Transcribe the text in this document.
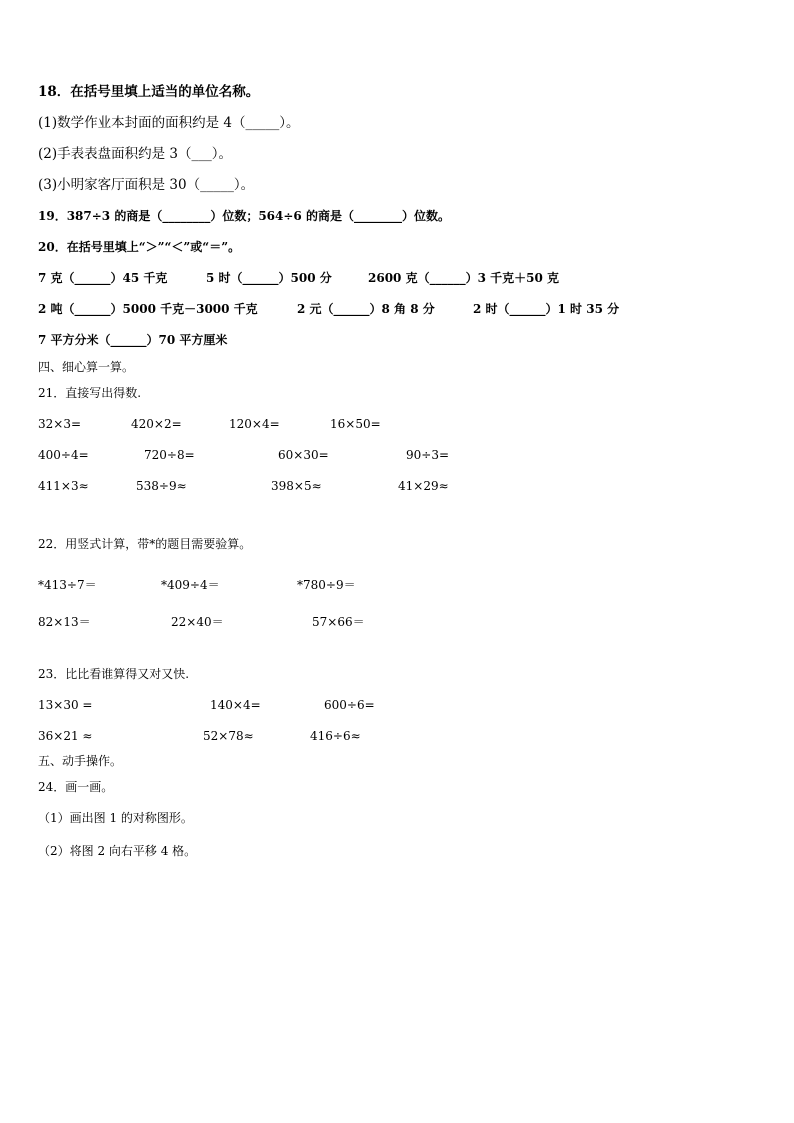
18．在括号里填上适当的单位名称。
(1)数学作业本封面的面积约是 4（_____）。
(2)手表表盘面积约是 3（___）。
(3)小明家客厅面积是 30（_____）。
19．387÷3 的商是（________）位数；564÷6 的商是（________）位数。
20．在括号里填上“＞”“＜”或“＝”。
7 克（______）45 千克	5 时（______）500 分	2600 克（______）3 千克＋50 克
2 吨（______）5000 千克－3000 千克	2 元（______）8 角 8 分	2 时（______）1 时 35 分
7 平方分米（______）70 平方厘米
四、细心算一算。
21．直接写出得数.
32×3=	420×2=	120×4=	16×50=
400÷4=	720÷8=	60×30=	90÷3=
411×3≈	538÷9≈	398×5≈	41×29≈
22．用竖式计算，带*的题目需要验算。
*413÷7＝	*409÷4＝	*780÷9＝
82×13＝	22×40＝	57×66＝
23．比比看谁算得又对又快.
13×30 =	140×4=	600÷6=
36×21 ≈	52×78≈	416÷6≈
五、动手操作。
24．画一画。
（1）画出图 1 的对称图形。
（2）将图 2 向右平移 4 格。
